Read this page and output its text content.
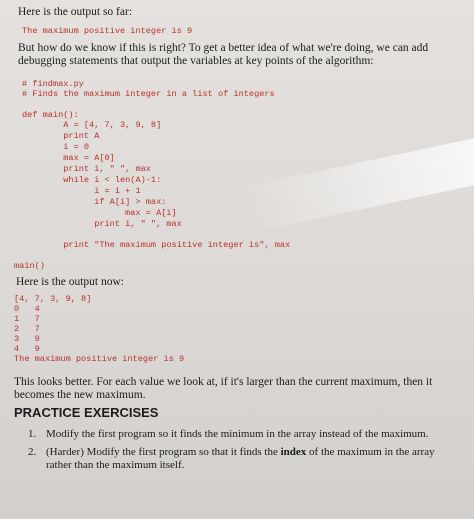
Here is the output so far:
The maximum positive integer is 9
But how do we know if this is right? To get a better idea of what we're doing, we can add
debugging statements that output the variables at key points of the algorithm:
# findmax.py
# Finds the maximum integer in a list of integers
def main():
A = [4, 7, 3, 9, 8]
print A
i = 0
max = A[0]
print i, " ", max
while i < len(A)-1:
i = i + 1
if A[i] > max:
max = A[i]
print i, " ", max
print "The maximum positive integer is", max
main()
Here is the output now:
[4, 7, 3, 9, 8]
0   4
1   7
2   7
3   9
4   9
The maximum positive integer is 9
This looks better. For each value we look at, if it's larger than the current maximum, then it
becomes the new maximum.
PRACTICE EXERCISES
1. Modify the first program so it finds the minimum in the array instead of the maximum.
2. (Harder) Modify the first program so that it finds the index of the maximum in the array
rather than the maximum itself.
